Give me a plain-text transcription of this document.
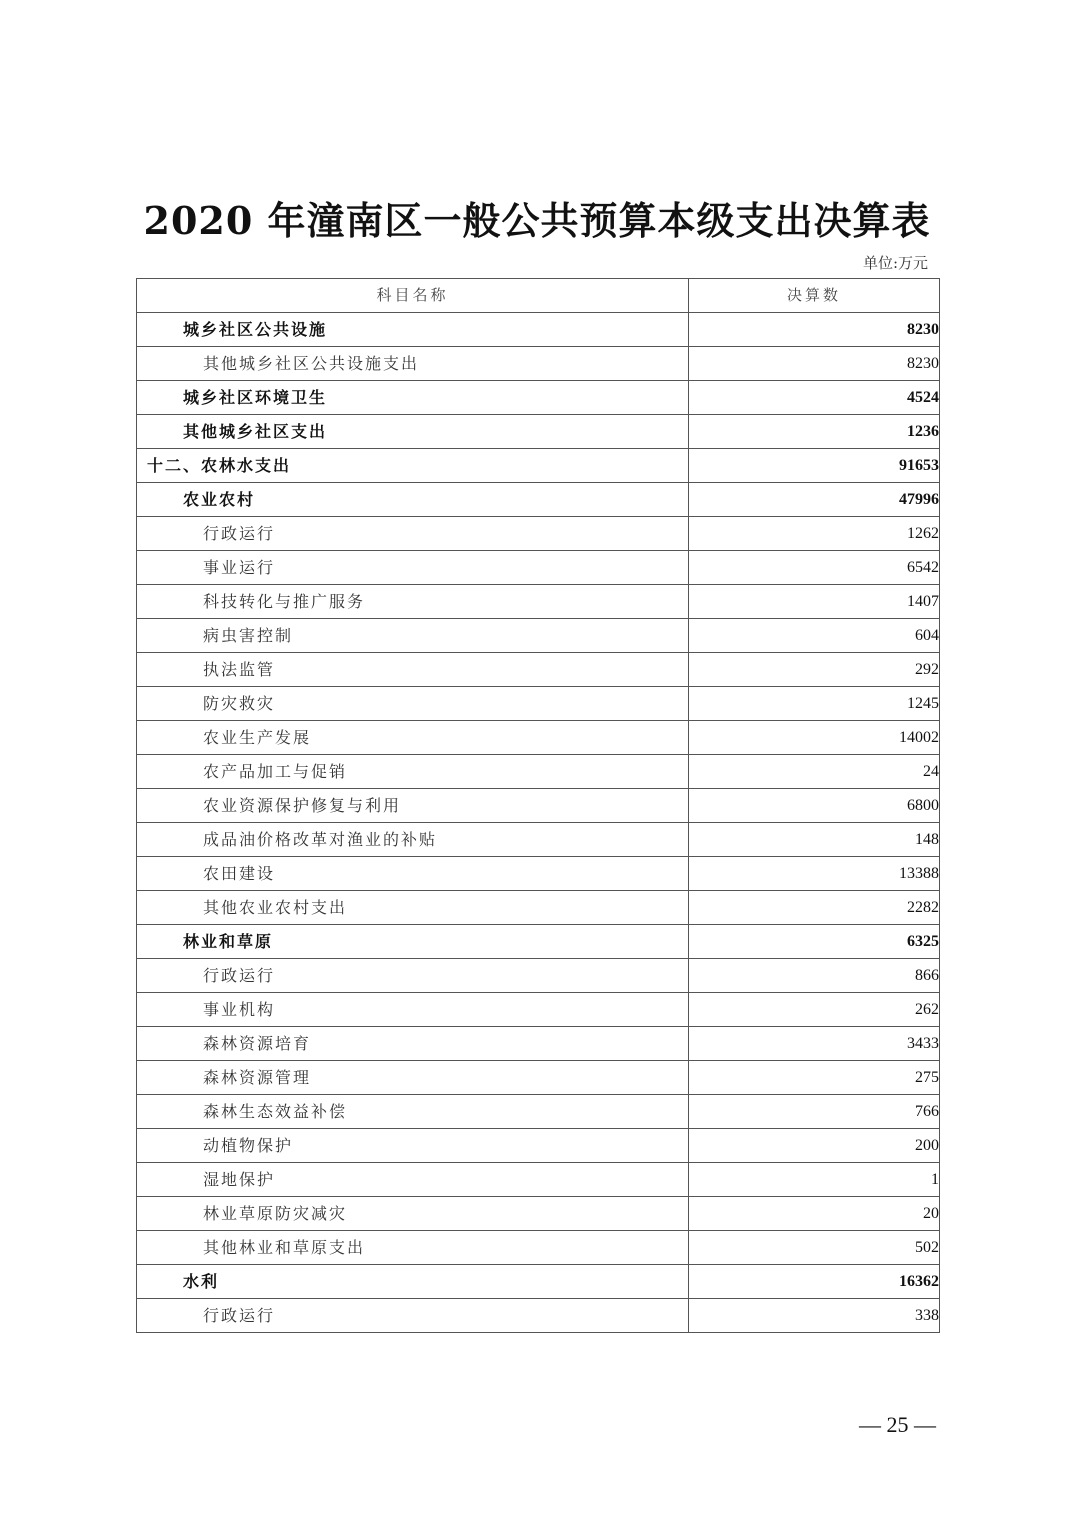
2020 年潼南区一般公共预算本级支出决算表
单位:万元
科目名称	决算数
城乡社区公共设施	8230
其他城乡社区公共设施支出	8230
城乡社区环境卫生	4524
其他城乡社区支出	1236
十二、农林水支出	91653
农业农村	47996
行政运行	1262
事业运行	6542
科技转化与推广服务	1407
病虫害控制	604
执法监管	292
防灾救灾	1245
农业生产发展	14002
农产品加工与促销	24
农业资源保护修复与利用	6800
成品油价格改革对渔业的补贴	148
农田建设	13388
其他农业农村支出	2282
林业和草原	6325
行政运行	866
事业机构	262
森林资源培育	3433
森林资源管理	275
森林生态效益补偿	766
动植物保护	200
湿地保护	1
林业草原防灾减灾	20
其他林业和草原支出	502
水利	16362
行政运行	338
— 25 —
